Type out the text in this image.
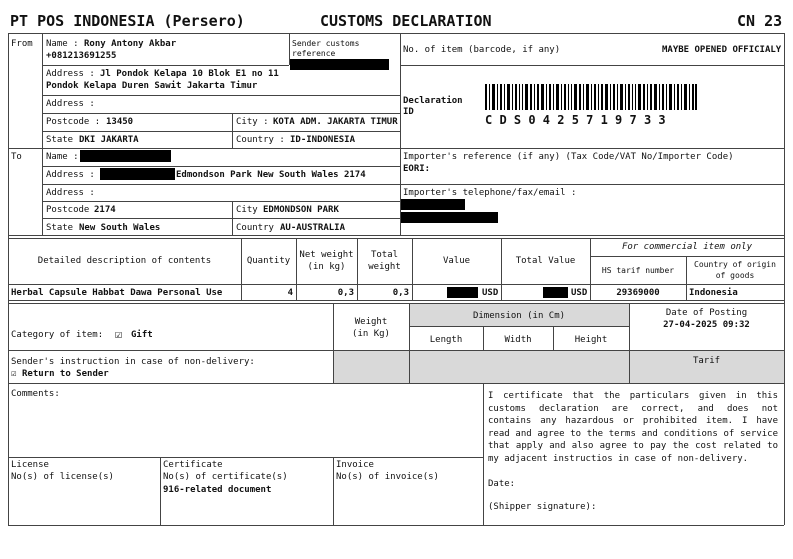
PT POS INDONESIA (Persero)	CUSTOMS DECLARATION	CN 23
From Name : Rony Antony Akbar
+081213691255
Sender customs
reference
Address : Jl Pondok Kelapa 10 Blok E1 no 11
Pondok Kelapa Duren Sawit Jakarta Timur
Address :
Postcode : 13450	City : KOTA ADM. JAKARTA TIMUR
State DKI JAKARTA	Country : ID-INDONESIA
No. of item (barcode, if any)	MAYBE OPENED OFFICIALY
Declaration
ID
C D S 0 4 2 5 7 1 9 7 3 3
To	Name :
Address :	Edmondson Park New South Wales 2174
Address :
Postcode 2174	City EDMONDSON PARK
State New South Wales	Country AU-AUSTRALIA
Importer's reference (if any) (Tax Code/VAT No/Importer Code)
EORI:
Importer's telephone/fax/email :
Detailed description of contents	Quantity
Net weight
(in kg)
Total
weight
Value	Total Value
For commercial item only
HS tarif number
Country of origin
of goods
Herbal Capsule Habbat Dawa Personal Use	4	0,3	0,3	USD	USD	29369000	Indonesia
Category of item: ☑ Gift
Weight
(in Kg)
Dimension (in Cm)
Length	Width	Height
Date of Posting
27-04-2025 09:32
Tarif
Sender's instruction in case of non-delivery:
☑ Return to Sender
Comments:
License
No(s) of license(s)
Certificate
No(s) of certificate(s)
916-related document
Invoice
No(s) of invoice(s)
I certificate that the particulars given in this customs declaration are correct, and does not contains any hazardous or prohibited item. I have read and agree to the terms and conditions of service that apply and also agree to pay the cost related to my adjacent instructios in case of non-delivery.
Date:
(Shipper signature):
